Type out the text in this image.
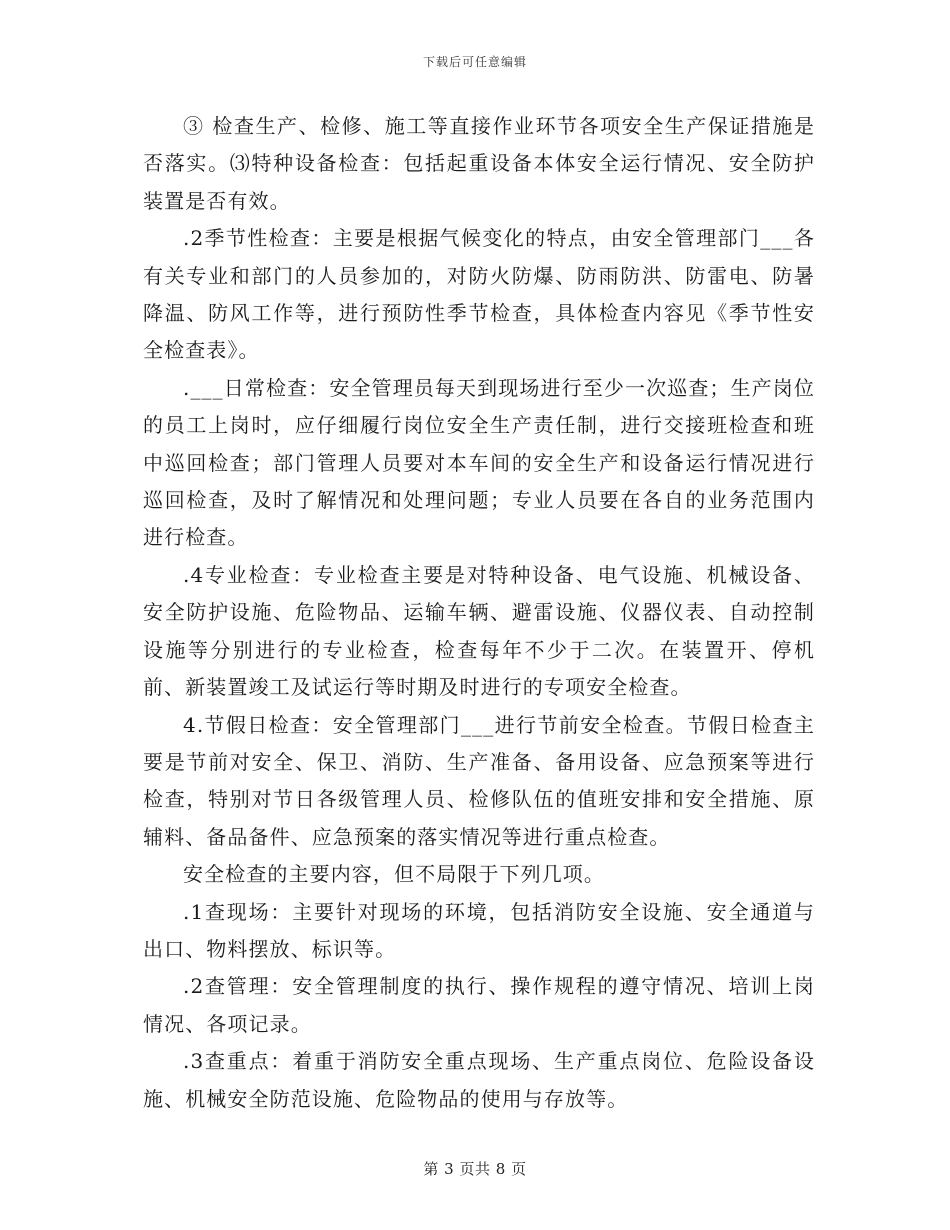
下载后可任意编辑

③ 检查生产、检修、施工等直接作业环节各项安全生产保证措施是否落实。⑶特种设备检查：包括起重设备本体安全运行情况、安全防护装置是否有效。

.2季节性检查：主要是根据气候变化的特点，由安全管理部门___各有关专业和部门的人员参加的，对防火防爆、防雨防洪、防雷电、防暑降温、防风工作等，进行预防性季节检查，具体检查内容见《季节性安全检查表》。

.___日常检查：安全管理员每天到现场进行至少一次巡查；生产岗位的员工上岗时，应仔细履行岗位安全生产责任制，进行交接班检查和班中巡回检查；部门管理人员要对本车间的安全生产和设备运行情况进行巡回检查，及时了解情况和处理问题；专业人员要在各自的业务范围内进行检查。

.4专业检查：专业检查主要是对特种设备、电气设施、机械设备、安全防护设施、危险物品、运输车辆、避雷设施、仪器仪表、自动控制设施等分别进行的专业检查，检查每年不少于二次。在装置开、停机前、新装置竣工及试运行等时期及时进行的专项安全检查。

4.节假日检查：安全管理部门___进行节前安全检查。节假日检查主要是节前对安全、保卫、消防、生产准备、备用设备、应急预案等进行检查，特别对节日各级管理人员、检修队伍的值班安排和安全措施、原辅料、备品备件、应急预案的落实情况等进行重点检查。

安全检查的主要内容，但不局限于下列几项。

.1查现场：主要针对现场的环境，包括消防安全设施、安全通道与出口、物料摆放、标识等。

.2查管理：安全管理制度的执行、操作规程的遵守情况、培训上岗情况、各项记录。

.3查重点：着重于消防安全重点现场、生产重点岗位、危险设备设施、机械安全防范设施、危险物品的使用与存放等。

第 3 页共 8 页
